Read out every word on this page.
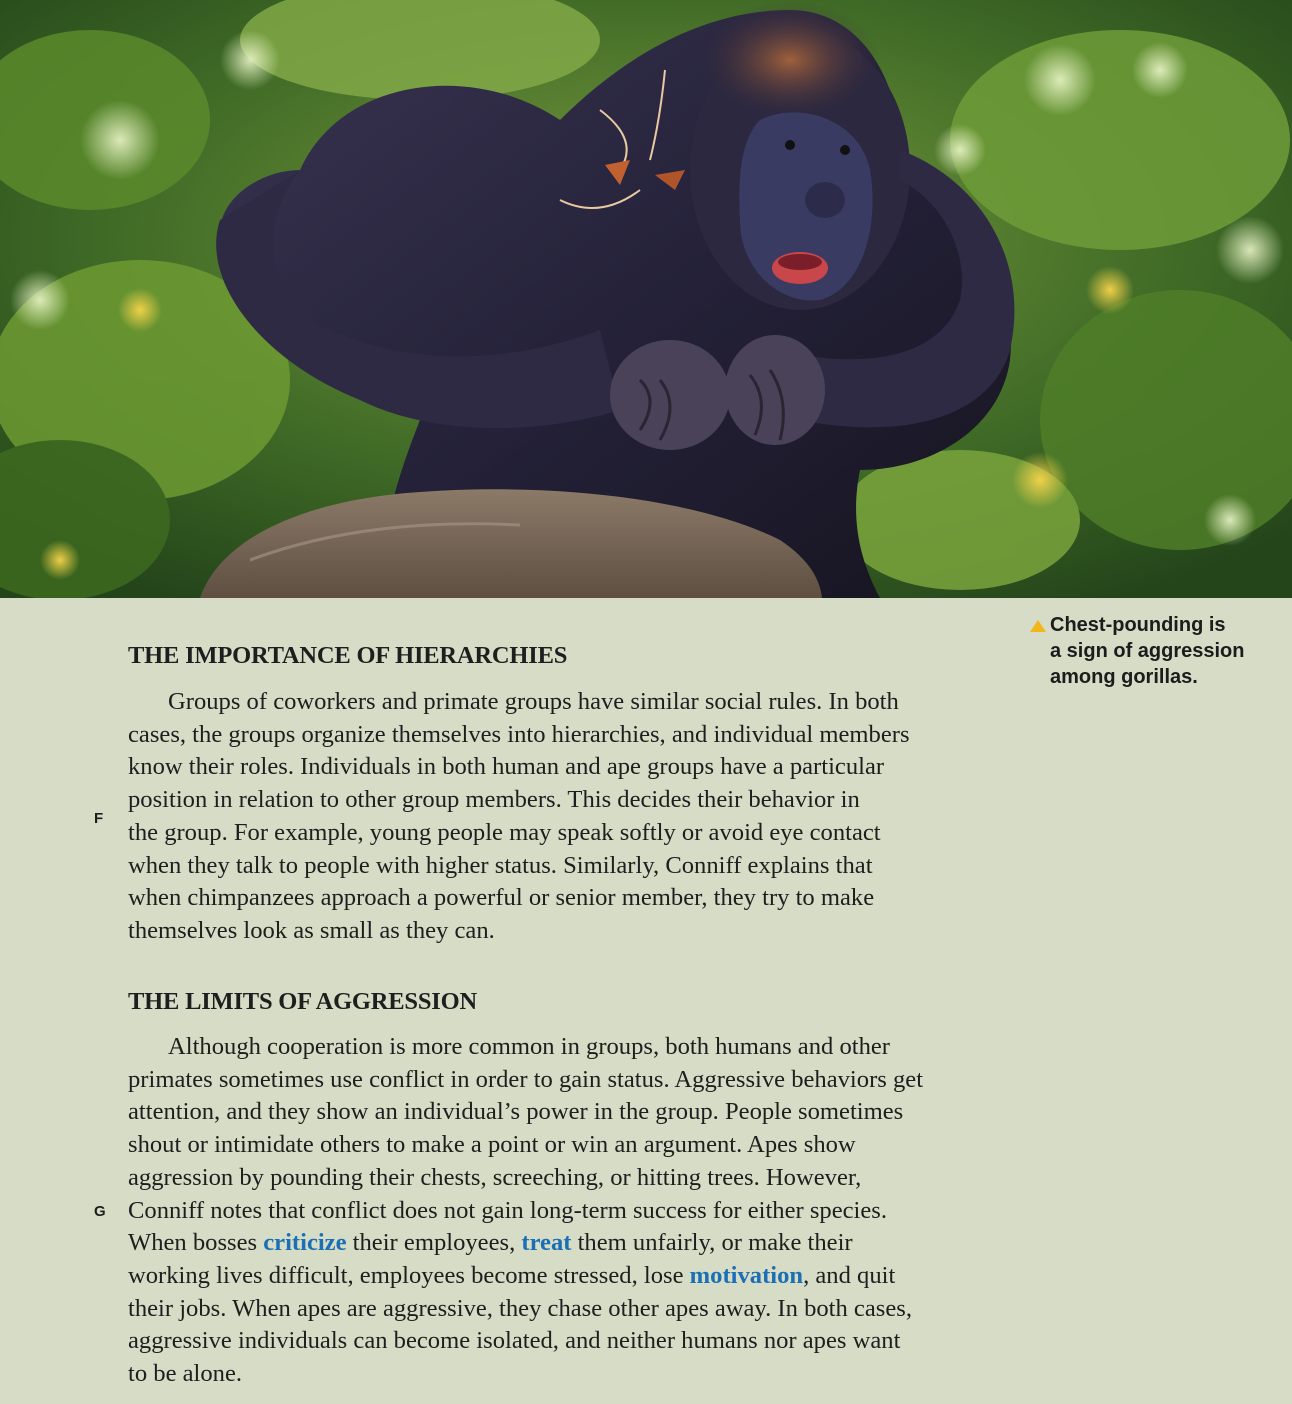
Chest-pounding is
a sign of aggression
among gorillas.
THE IMPORTANCE OF HIERARCHIES
F
Groups of coworkers and primate groups have similar social rules. In both
cases, the groups organize themselves into hierarchies, and individual members
know their roles. Individuals in both human and ape groups have a particular
position in relation to other group members. This decides their behavior in
the group. For example, young people may speak softly or avoid eye contact
when they talk to people with higher status. Similarly, Conniff explains that
when chimpanzees approach a powerful or senior member, they try to make
themselves look as small as they can.
THE LIMITS OF AGGRESSION
G
Although cooperation is more common in groups, both humans and other
primates sometimes use conflict in order to gain status. Aggressive behaviors get
attention, and they show an individual’s power in the group. People sometimes
shout or intimidate others to make a point or win an argument. Apes show
aggression by pounding their chests, screeching, or hitting trees. However,
Conniff notes that conflict does not gain long-term success for either species.
When bosses criticize their employees, treat them unfairly, or make their
working lives difficult, employees become stressed, lose motivation, and quit
their jobs. When apes are aggressive, they chase other apes away. In both cases,
aggressive individuals can become isolated, and neither humans nor apes want
to be alone.
